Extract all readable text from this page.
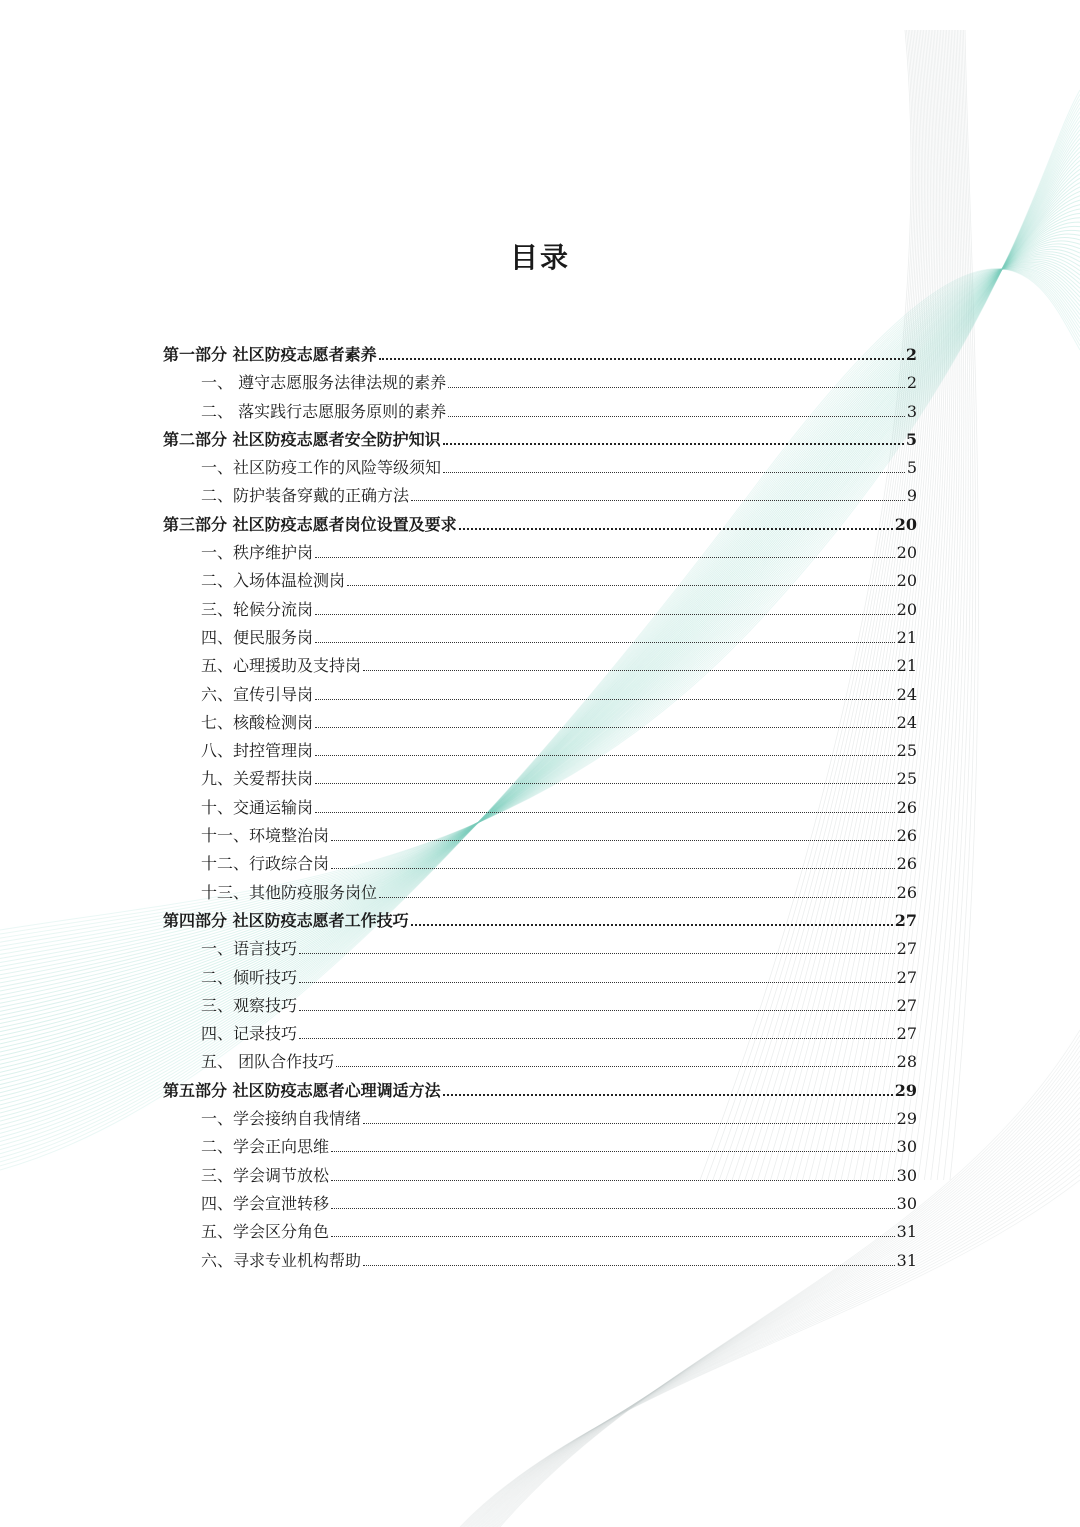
目录
第一部分 社区防疫志愿者素养	2
一、 遵守志愿服务法律法规的素养	2
二、 落实践行志愿服务原则的素养	3
第二部分 社区防疫志愿者安全防护知识	5
一、社区防疫工作的风险等级须知	5
二、防护装备穿戴的正确方法	9
第三部分 社区防疫志愿者岗位设置及要求	20
一、秩序维护岗	20
二、入场体温检测岗	20
三、轮候分流岗	20
四、便民服务岗	21
五、心理援助及支持岗	21
六、宣传引导岗	24
七、核酸检测岗	24
八、封控管理岗	25
九、关爱帮扶岗	25
十、交通运输岗	26
十一、环境整治岗	26
十二、行政综合岗	26
十三、其他防疫服务岗位	26
第四部分 社区防疫志愿者工作技巧	27
一、语言技巧	27
二、倾听技巧	27
三、观察技巧	27
四、记录技巧	27
五、 团队合作技巧	28
第五部分 社区防疫志愿者心理调适方法	29
一、学会接纳自我情绪	29
二、学会正向思维	30
三、学会调节放松	30
四、学会宣泄转移	30
五、学会区分角色	31
六、寻求专业机构帮助	31
